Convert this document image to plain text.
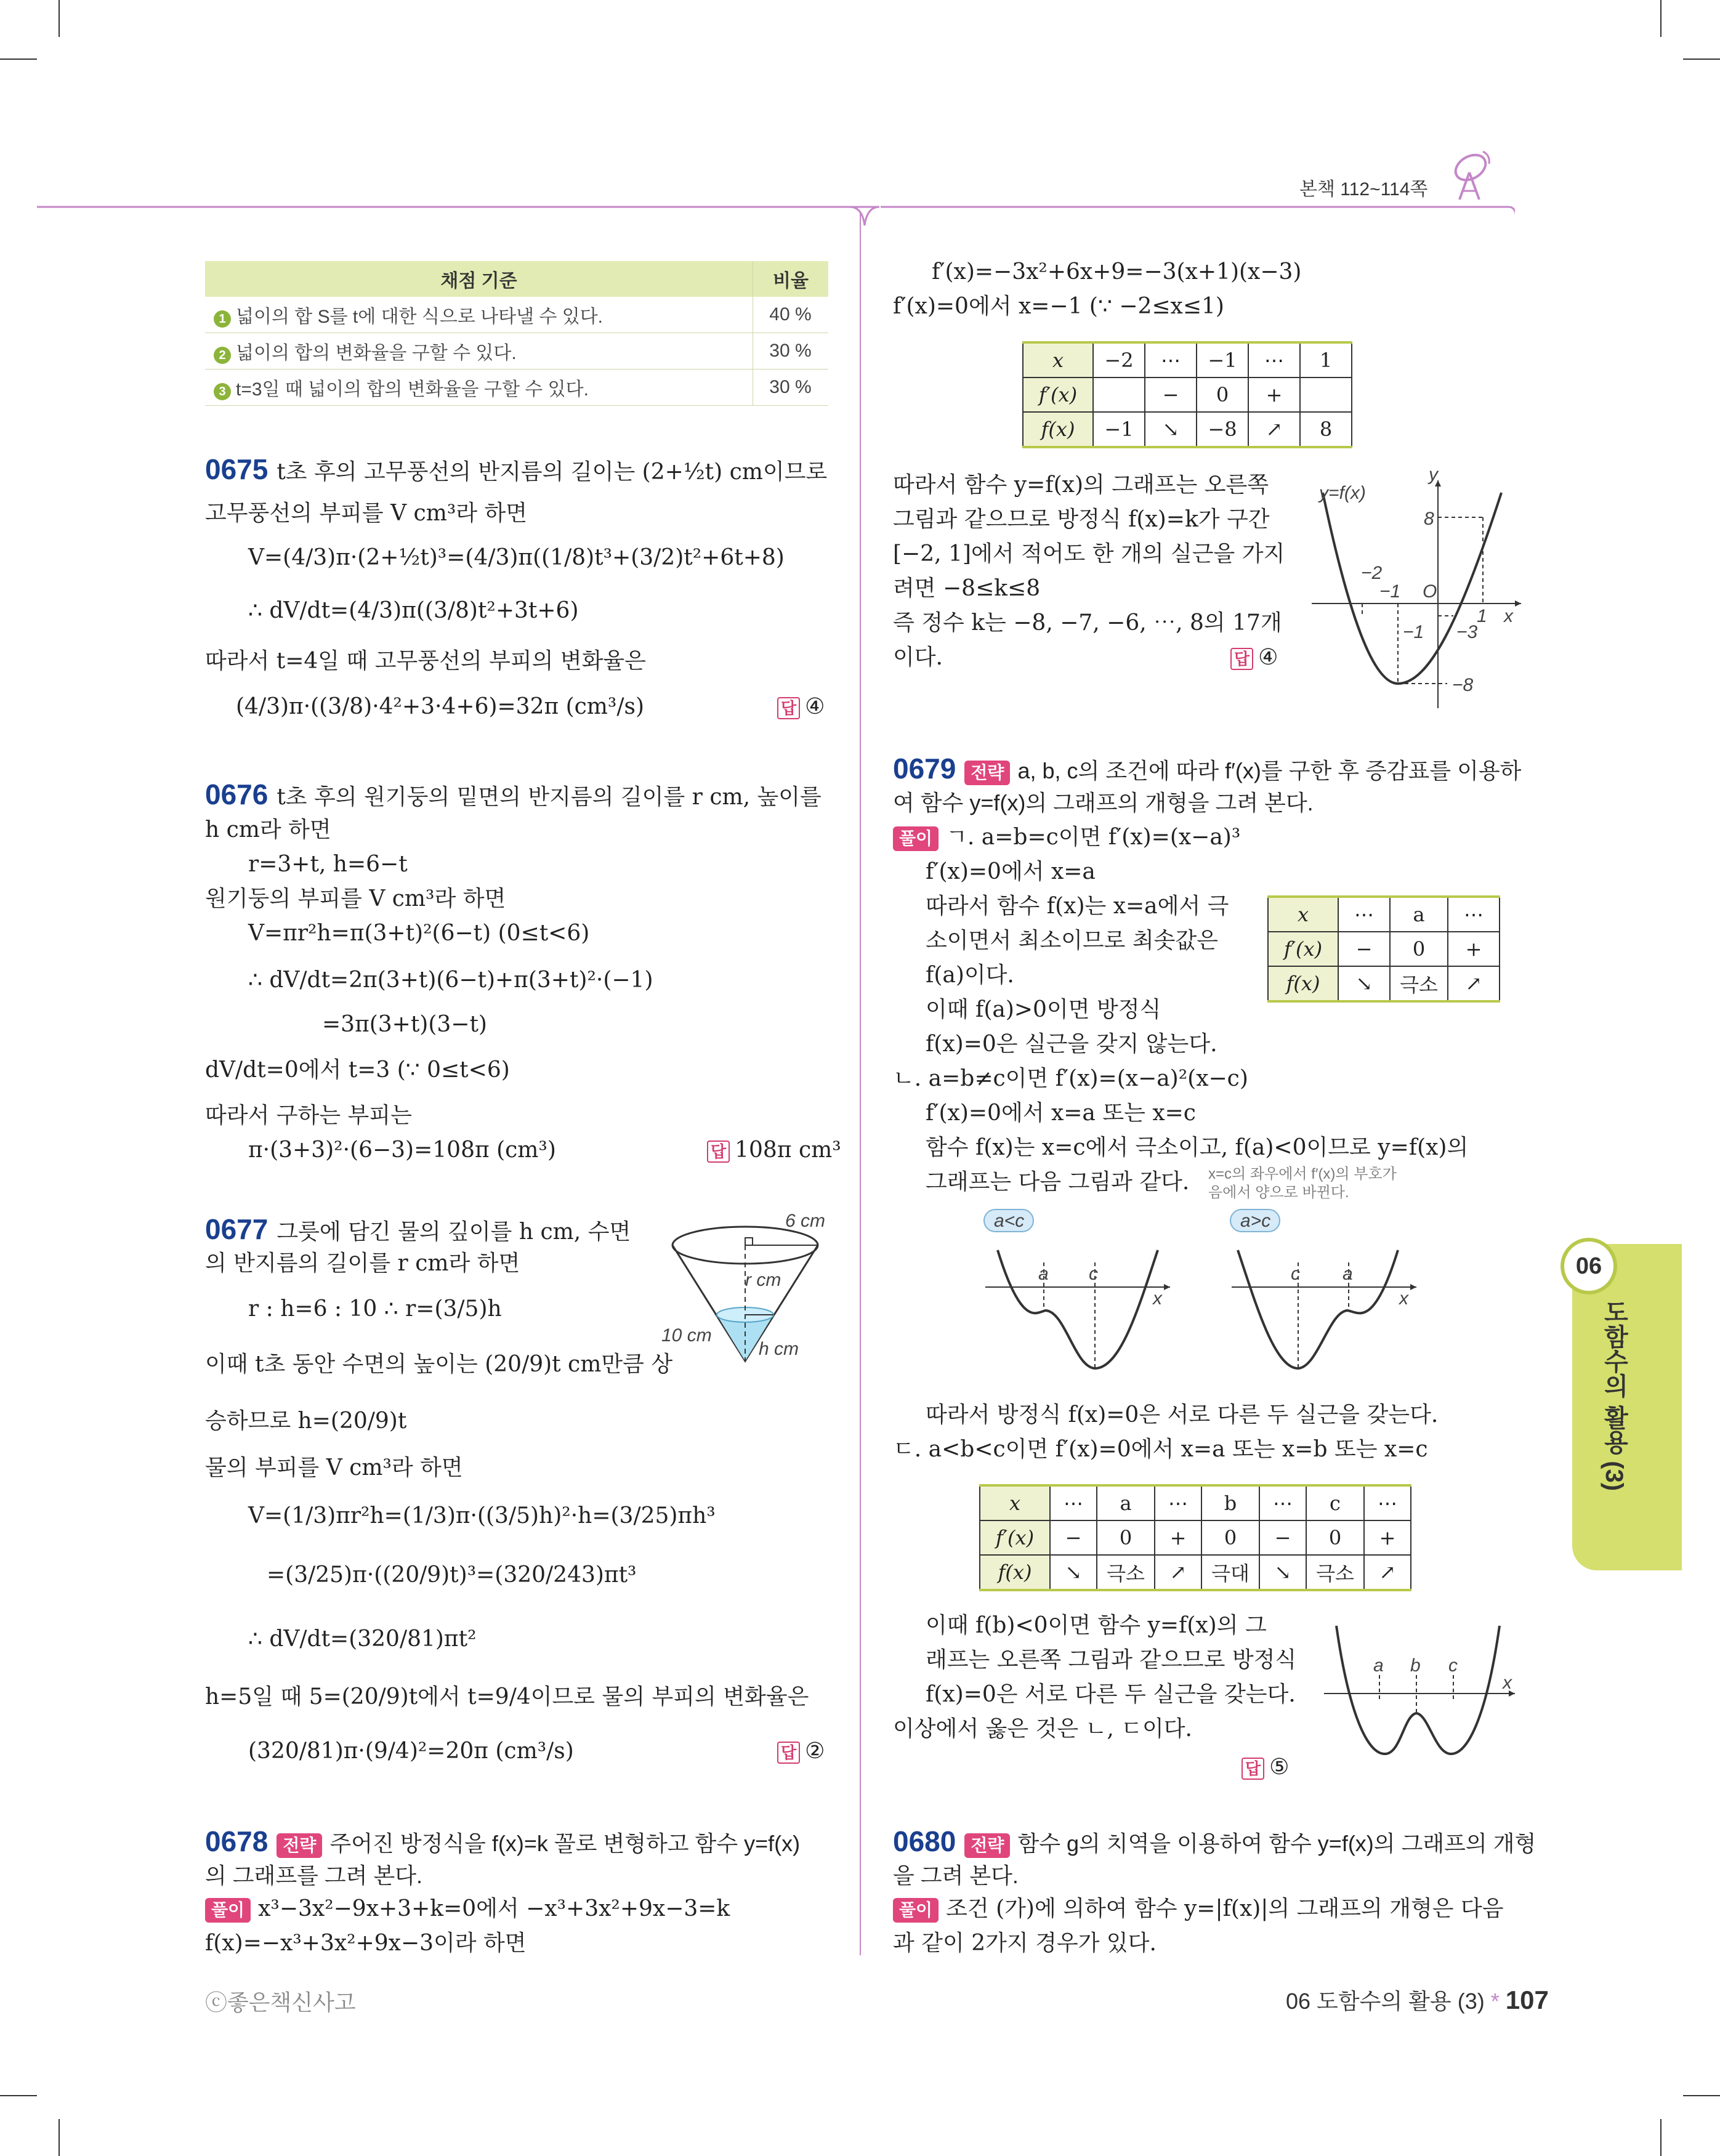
본책 112~114쪽
채점 기준	비율
1 넓이의 합 S를 t에 대한 식으로 나타낼 수 있다.	40 %
2 넓이의 합의 변화율을 구할 수 있다.	30 %
3 t=3일 때 넓이의 합의 변화율을 구할 수 있다.	30 %
0675 t초 후의 고무풍선의 반지름의 길이는 (2+½t) cm이므로
고무풍선의 부피를 V cm³라 하면
V=(4/3)π·(2+½t)³=(4/3)π((1/8)t³+(3/2)t²+6t+8)
∴ dV/dt=(4/3)π((3/8)t²+3t+6)
따라서 t=4일 때 고무풍선의 부피의 변화율은
(4/3)π·((3/8)·4²+3·4+6)=32π (cm³/s)	답 ④
0676 t초 후의 원기둥의 밑면의 반지름의 길이를 r cm, 높이를
h cm라 하면
r=3+t, h=6−t
원기둥의 부피를 V cm³라 하면
V=πr²h=π(3+t)²(6−t) (0≤t<6)
∴ dV/dt=2π(3+t)(6−t)+π(3+t)²·(−1)
=3π(3+t)(3−t)
dV/dt=0에서 t=3 (∵ 0≤t<6)
따라서 구하는 부피는
π·(3+3)²·(6−3)=108π (cm³)	답 108π cm³
0677 그릇에 담긴 물의 깊이를 h cm, 수면
의 반지름의 길이를 r cm라 하면
r : h=6 : 10 ∴ r=(3/5)h
이때 t초 동안 수면의 높이는 (20/9)t cm만큼 상
승하므로 h=(20/9)t
물의 부피를 V cm³라 하면
V=(1/3)πr²h=(1/3)π·((3/5)h)²·h=(3/25)πh³
=(3/25)π·((20/9)t)³=(320/243)πt³
∴ dV/dt=(320/81)πt²
h=5일 때 5=(20/9)t에서 t=9/4이므로 물의 부피의 변화율은
(320/81)π·(9/4)²=20π (cm³/s)	답 ②
6 cm
r cm
10 cm
h cm
0678 전략 주어진 방정식을 f(x)=k 꼴로 변형하고 함수 y=f(x)
의 그래프를 그려 본다.
풀이 x³−3x²−9x+3+k=0에서 −x³+3x²+9x−3=k
f(x)=−x³+3x²+9x−3이라 하면
f′(x)=−3x²+6x+9=−3(x+1)(x−3)
f′(x)=0에서 x=−1 (∵ −2≤x≤1)
x	−2	⋯	−1	⋯	1
f′(x)		−	0	+	
f(x)	−1	↘	−8	↗	8
따라서 함수 y=f(x)의 그래프는 오른쪽
그림과 같으므로 방정식 f(x)=k가 구간
[−2, 1]에서 적어도 한 개의 실근을 가지
려면 −8≤k≤8
즉 정수 k는 −8, −7, −6, ⋯, 8의 17개
이다.	답 ④
y=f(x)
y
x
O
8
−2
−1
1
−1 −3
−8
0679 전략 a, b, c의 조건에 따라 f′(x)를 구한 후 증감표를 이용하
여 함수 y=f(x)의 그래프의 개형을 그려 본다.
풀이 ㄱ. a=b=c이면 f′(x)=(x−a)³
f′(x)=0에서 x=a
따라서 함수 f(x)는 x=a에서 극
소이면서 최소이므로 최솟값은
f(a)이다.
이때 f(a)>0이면 방정식
f(x)=0은 실근을 갖지 않는다.
x	⋯	a	⋯
f′(x)	−	0	+
f(x)	↘	극소	↗
ㄴ. a=b≠c이면 f′(x)=(x−a)²(x−c)
f′(x)=0에서 x=a 또는 x=c
함수 f(x)는 x=c에서 극소이고, f(a)<0이므로 y=f(x)의
그래프는 다음 그림과 같다. x=c의 좌우에서 f′(x)의 부호가
음에서 양으로 바뀐다.
a<c
a c
x
a>c
c a
x
따라서 방정식 f(x)=0은 서로 다른 두 실근을 갖는다.
ㄷ. a<b<c이면 f′(x)=0에서 x=a 또는 x=b 또는 x=c
x	⋯	a	⋯	b	⋯	c	⋯
f′(x)	−	0	+	0	−	0	+
f(x)	↘	극소	↗	극대	↘	극소	↗
이때 f(b)<0이면 함수 y=f(x)의 그
래프는 오른쪽 그림과 같으므로 방정식
f(x)=0은 서로 다른 두 실근을 갖는다.
이상에서 옳은 것은 ㄴ, ㄷ이다.
답 ⑤
a b c
x
0680 전략 함수 g의 치역을 이용하여 함수 y=f(x)의 그래프의 개형
을 그려 본다.
풀이 조건 (가)에 의하여 함수 y=|f(x)|의 그래프의 개형은 다음
과 같이 2가지 경우가 있다.
06
도함수의 활용 (3)
ⓒ좋은책신사고	06 도함수의 활용 (3) * 107
